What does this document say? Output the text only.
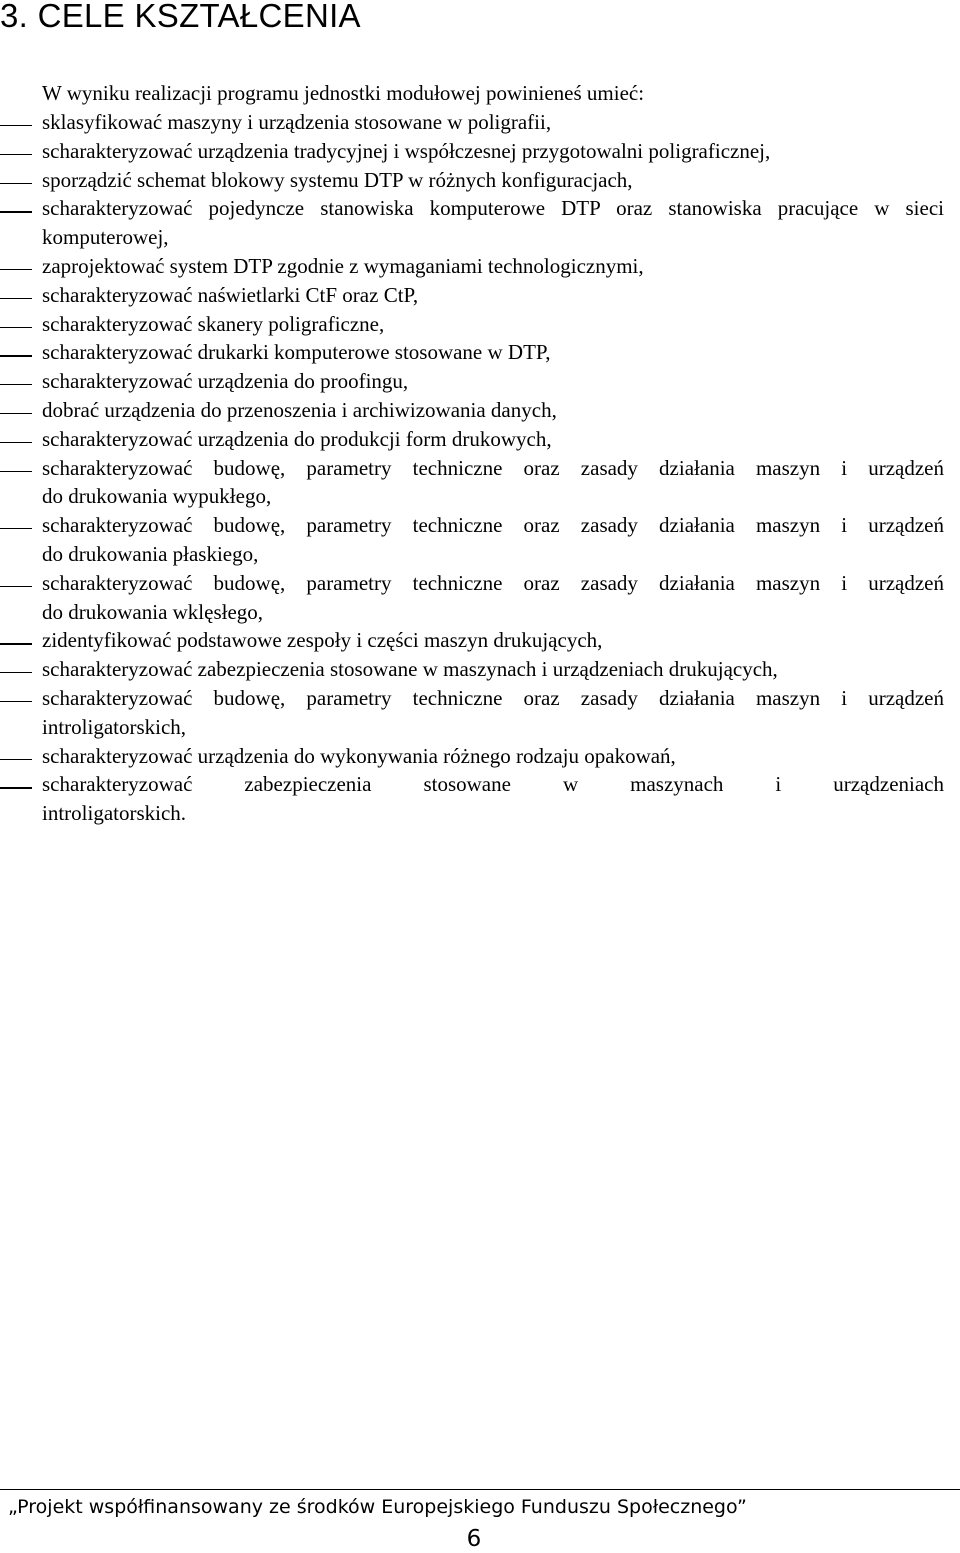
3. CELE KSZTAŁCENIA
W wyniku realizacji programu jednostki modułowej powinieneś umieć:
sklasyfikować maszyny i urządzenia stosowane w poligrafii,
scharakteryzować urządzenia tradycyjnej i współczesnej przygotowalni poligraficznej,
sporządzić schemat blokowy systemu DTP w różnych konfiguracjach,
scharakteryzować pojedyncze stanowiska komputerowe DTP oraz stanowiska pracujące w sieci
komputerowej,
zaprojektować system DTP zgodnie z wymaganiami technologicznymi,
scharakteryzować naświetlarki CtF oraz CtP,
scharakteryzować skanery poligraficzne,
scharakteryzować drukarki komputerowe stosowane w DTP,
scharakteryzować urządzenia do proofingu,
dobrać urządzenia do przenoszenia i archiwizowania danych,
scharakteryzować urządzenia do produkcji form drukowych,
scharakteryzować budowę, parametry techniczne oraz zasady działania maszyn i urządzeń
do drukowania wypukłego,
scharakteryzować budowę, parametry techniczne oraz zasady działania maszyn i urządzeń
do drukowania płaskiego,
scharakteryzować budowę, parametry techniczne oraz zasady działania maszyn i urządzeń
do drukowania wklęsłego,
zidentyfikować podstawowe zespoły i części maszyn drukujących,
scharakteryzować zabezpieczenia stosowane w maszynach i urządzeniach drukujących,
scharakteryzować budowę, parametry techniczne oraz zasady działania maszyn i urządzeń
introligatorskich,
scharakteryzować urządzenia do wykonywania różnego rodzaju opakowań,
scharakteryzować zabezpieczenia stosowane w maszynach i urządzeniach
introligatorskich.
„Projekt współfinansowany ze środków Europejskiego Funduszu Społecznego”
6
